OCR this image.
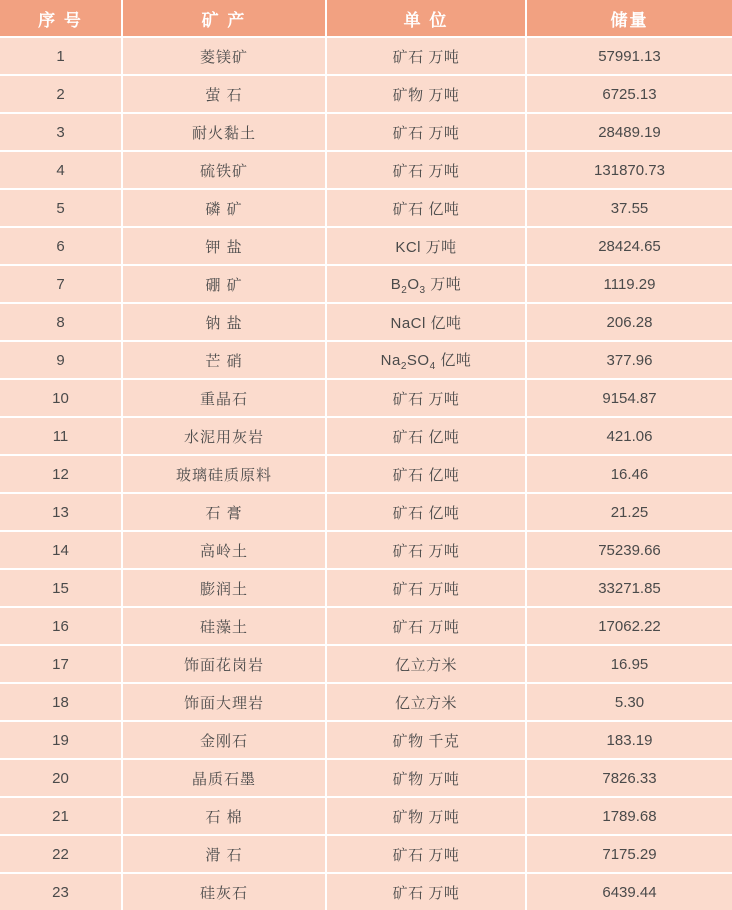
序 号	矿 产	单 位	储量
1	菱镁矿	矿石 万吨	57991.13
2	萤 石	矿物 万吨	6725.13
3	耐火黏土	矿石 万吨	28489.19
4	硫铁矿	矿石 万吨	131870.73
5	磷 矿	矿石 亿吨	37.55
6	钾 盐	KCl 万吨	28424.65
7	硼 矿	$B_2O_3$ 万吨	1119.29
8	钠 盐	NaCl 亿吨	206.28
9	芒 硝	$Na_2SO_4$ 亿吨	377.96
10	重晶石	矿石 万吨	9154.87
11	水泥用灰岩	矿石 亿吨	421.06
12	玻璃硅质原料	矿石 亿吨	16.46
13	石 膏	矿石 亿吨	21.25
14	高岭土	矿石 万吨	75239.66
15	膨润土	矿石 万吨	33271.85
16	硅藻土	矿石 万吨	17062.22
17	饰面花岗岩	亿立方米	16.95
18	饰面大理岩	亿立方米	5.30
19	金刚石	矿物 千克	183.19
20	晶质石墨	矿物 万吨	7826.33
21	石 棉	矿物 万吨	1789.68
22	滑 石	矿石 万吨	7175.29
23	硅灰石	矿石 万吨	6439.44
